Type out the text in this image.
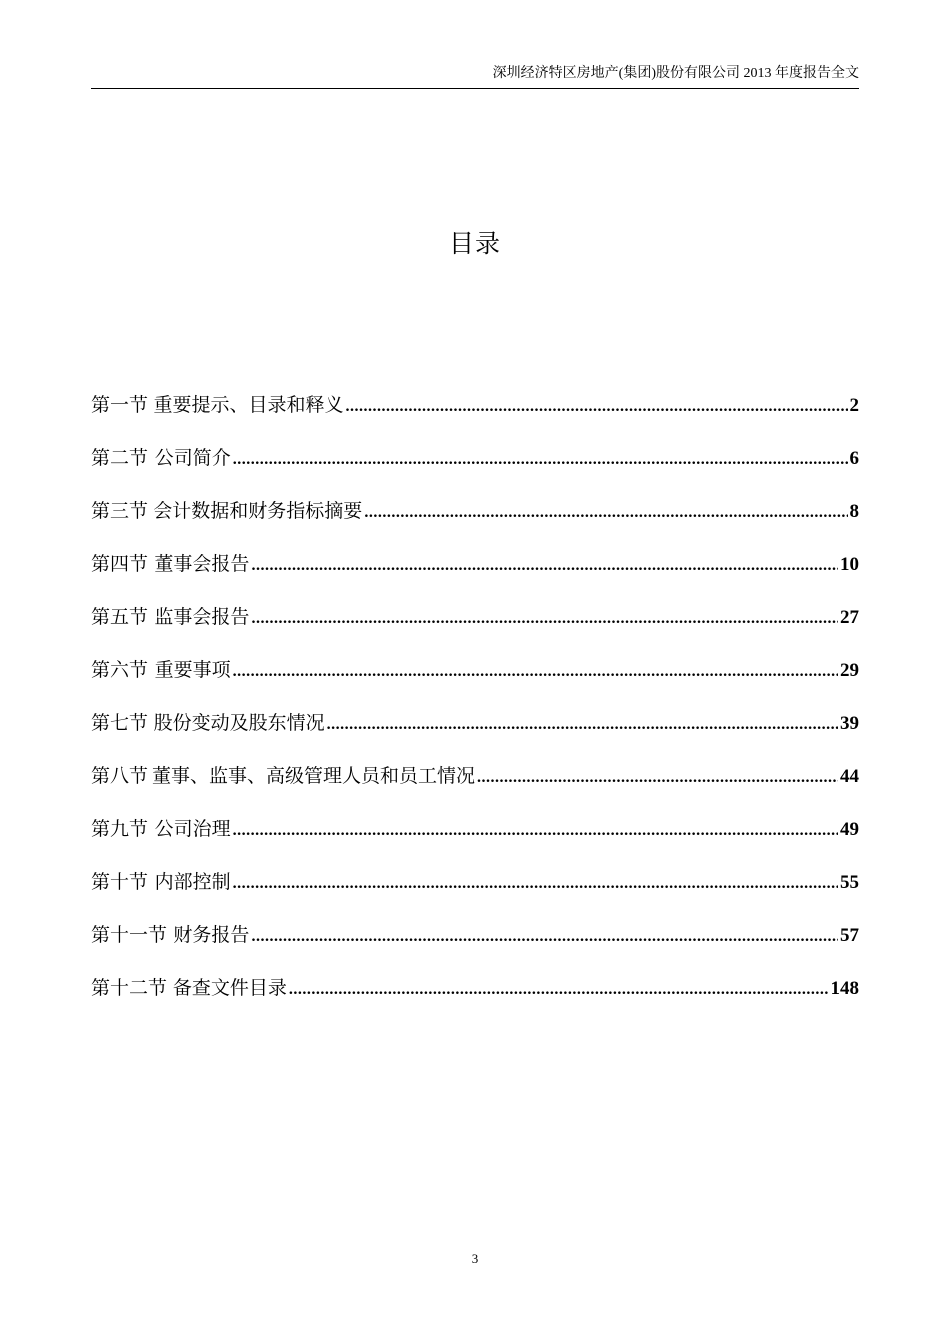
深圳经济特区房地产(集团)股份有限公司 2013 年度报告全文
目录
第一节 重要提示、目录和释义 .....	2
第二节 公司简介 .....	6
第三节 会计数据和财务指标摘要 .....	8
第四节 董事会报告 .....	10
第五节 监事会报告 .....	27
第六节 重要事项 .....	29
第七节 股份变动及股东情况 .....	39
第八节 董事、监事、高级管理人员和员工情况 .....	44
第九节 公司治理 .....	49
第十节 内部控制 .....	55
第十一节 财务报告 .....	57
第十二节 备查文件目录 .....	148
3
